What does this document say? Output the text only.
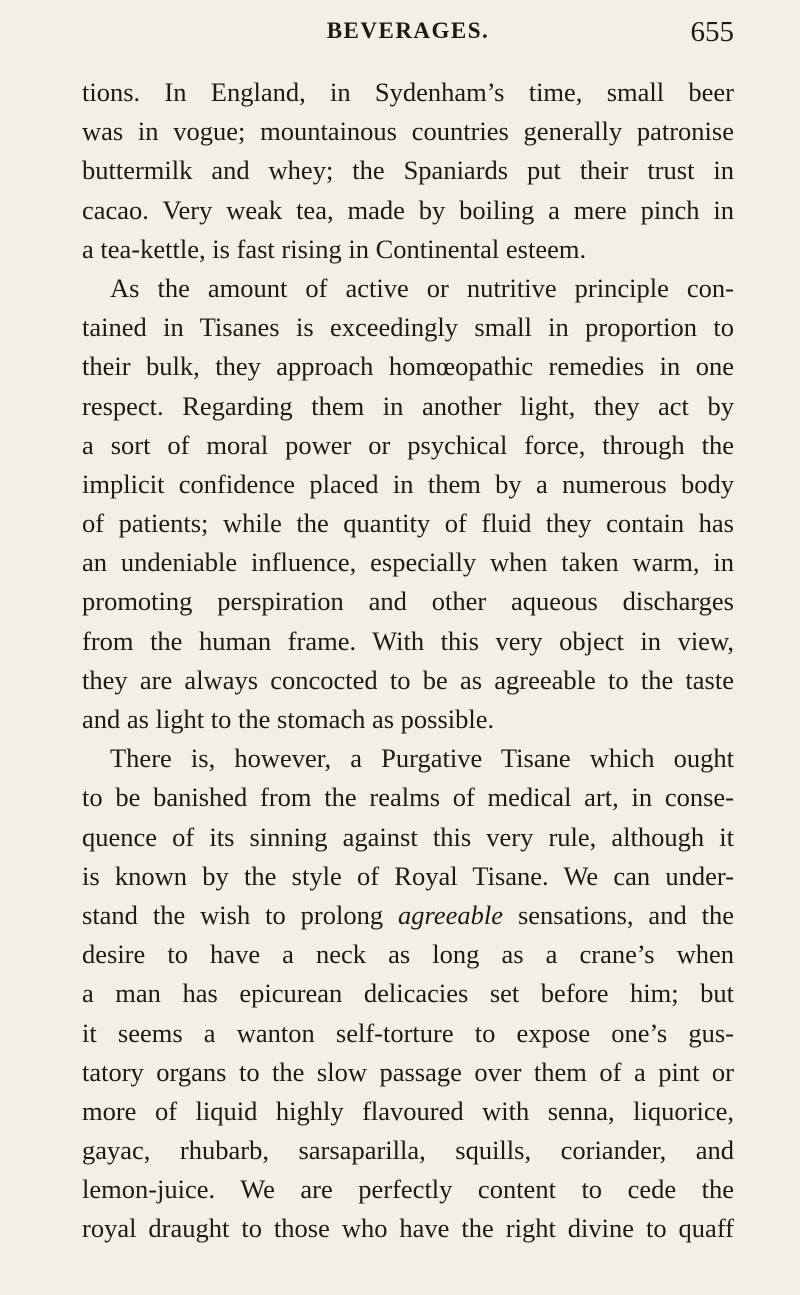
BEVERAGES.	655
tions. In England, in Sydenham’s time, small beer
was in vogue; mountainous countries generally patronise
buttermilk and whey; the Spaniards put their trust in
cacao. Very weak tea, made by boiling a mere pinch in
a tea-kettle, is fast rising in Continental esteem.
As the amount of active or nutritive principle con-
tained in Tisanes is exceedingly small in proportion to
their bulk, they approach homœopathic remedies in one
respect. Regarding them in another light, they act by
a sort of moral power or psychical force, through the
implicit confidence placed in them by a numerous body
of patients; while the quantity of fluid they contain has
an undeniable influence, especially when taken warm, in
promoting perspiration and other aqueous discharges
from the human frame. With this very object in view,
they are always concocted to be as agreeable to the taste
and as light to the stomach as possible.
There is, however, a Purgative Tisane which ought
to be banished from the realms of medical art, in conse-
quence of its sinning against this very rule, although it
is known by the style of Royal Tisane. We can under-
stand the wish to prolong agreeable sensations, and the
desire to have a neck as long as a crane’s when
a man has epicurean delicacies set before him; but
it seems a wanton self-torture to expose one’s gus-
tatory organs to the slow passage over them of a pint or
more of liquid highly flavoured with senna, liquorice,
gayac, rhubarb, sarsaparilla, squills, coriander, and
lemon-juice. We are perfectly content to cede the
royal draught to those who have the right divine to quaff
